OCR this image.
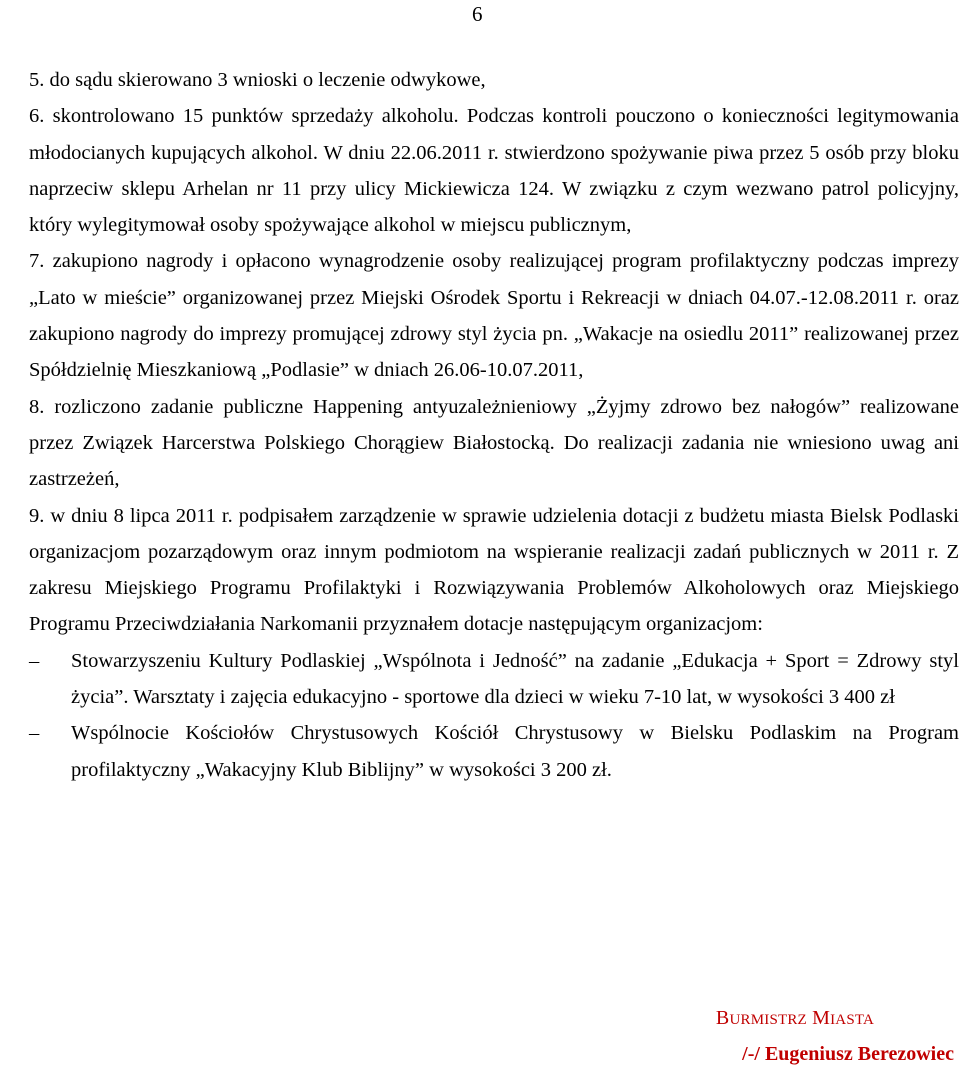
6
5. do sądu skierowano 3 wnioski o leczenie odwykowe,
6. skontrolowano 15 punktów sprzedaży alkoholu. Podczas kontroli pouczono o konieczności legitymowania młodocianych kupujących alkohol. W dniu 22.06.2011 r. stwierdzono spożywanie piwa przez 5 osób przy bloku naprzeciw sklepu Arhelan nr 11 przy ulicy Mickiewicza 124. W związku z czym wezwano patrol policyjny, który wylegitymował osoby spożywające alkohol w miejscu publicznym,
7. zakupiono nagrody i opłacono wynagrodzenie osoby realizującej program profilaktyczny podczas imprezy „Lato w mieście” organizowanej przez Miejski Ośrodek Sportu i Rekreacji w dniach 04.07.-12.08.2011 r. oraz zakupiono nagrody do imprezy promującej zdrowy styl życia pn. „Wakacje na osiedlu 2011” realizowanej przez Spółdzielnię Mieszkaniową „Podlasie” w dniach 26.06-10.07.2011,
8. rozliczono zadanie publiczne Happening antyuzależnieniowy „Żyjmy zdrowo bez nałogów” realizowane przez Związek Harcerstwa Polskiego Chorągiew Białostocką. Do realizacji zadania nie wniesiono uwag ani zastrzeżeń,
9. w dniu 8 lipca 2011 r. podpisałem zarządzenie w sprawie udzielenia dotacji z budżetu miasta Bielsk Podlaski organizacjom pozarządowym oraz innym podmiotom na wspieranie realizacji zadań publicznych w 2011 r. Z zakresu Miejskiego Programu Profilaktyki i Rozwiązywania Problemów Alkoholowych oraz Miejskiego Programu Przeciwdziałania Narkomanii przyznałem dotacje następującym organizacjom:
– Stowarzyszeniu Kultury Podlaskiej „Wspólnota i Jedność” na zadanie „Edukacja + Sport = Zdrowy styl życia”. Warsztaty i zajęcia edukacyjno - sportowe dla dzieci w wieku 7-10 lat, w wysokości 3 400 zł
– Wspólnocie Kościołów Chrystusowych Kościół Chrystusowy w Bielsku Podlaskim na Program profilaktyczny „Wakacyjny Klub Biblijny” w wysokości 3 200 zł.
BURMISTRZ MIASTA
/-/ Eugeniusz Berezowiec
